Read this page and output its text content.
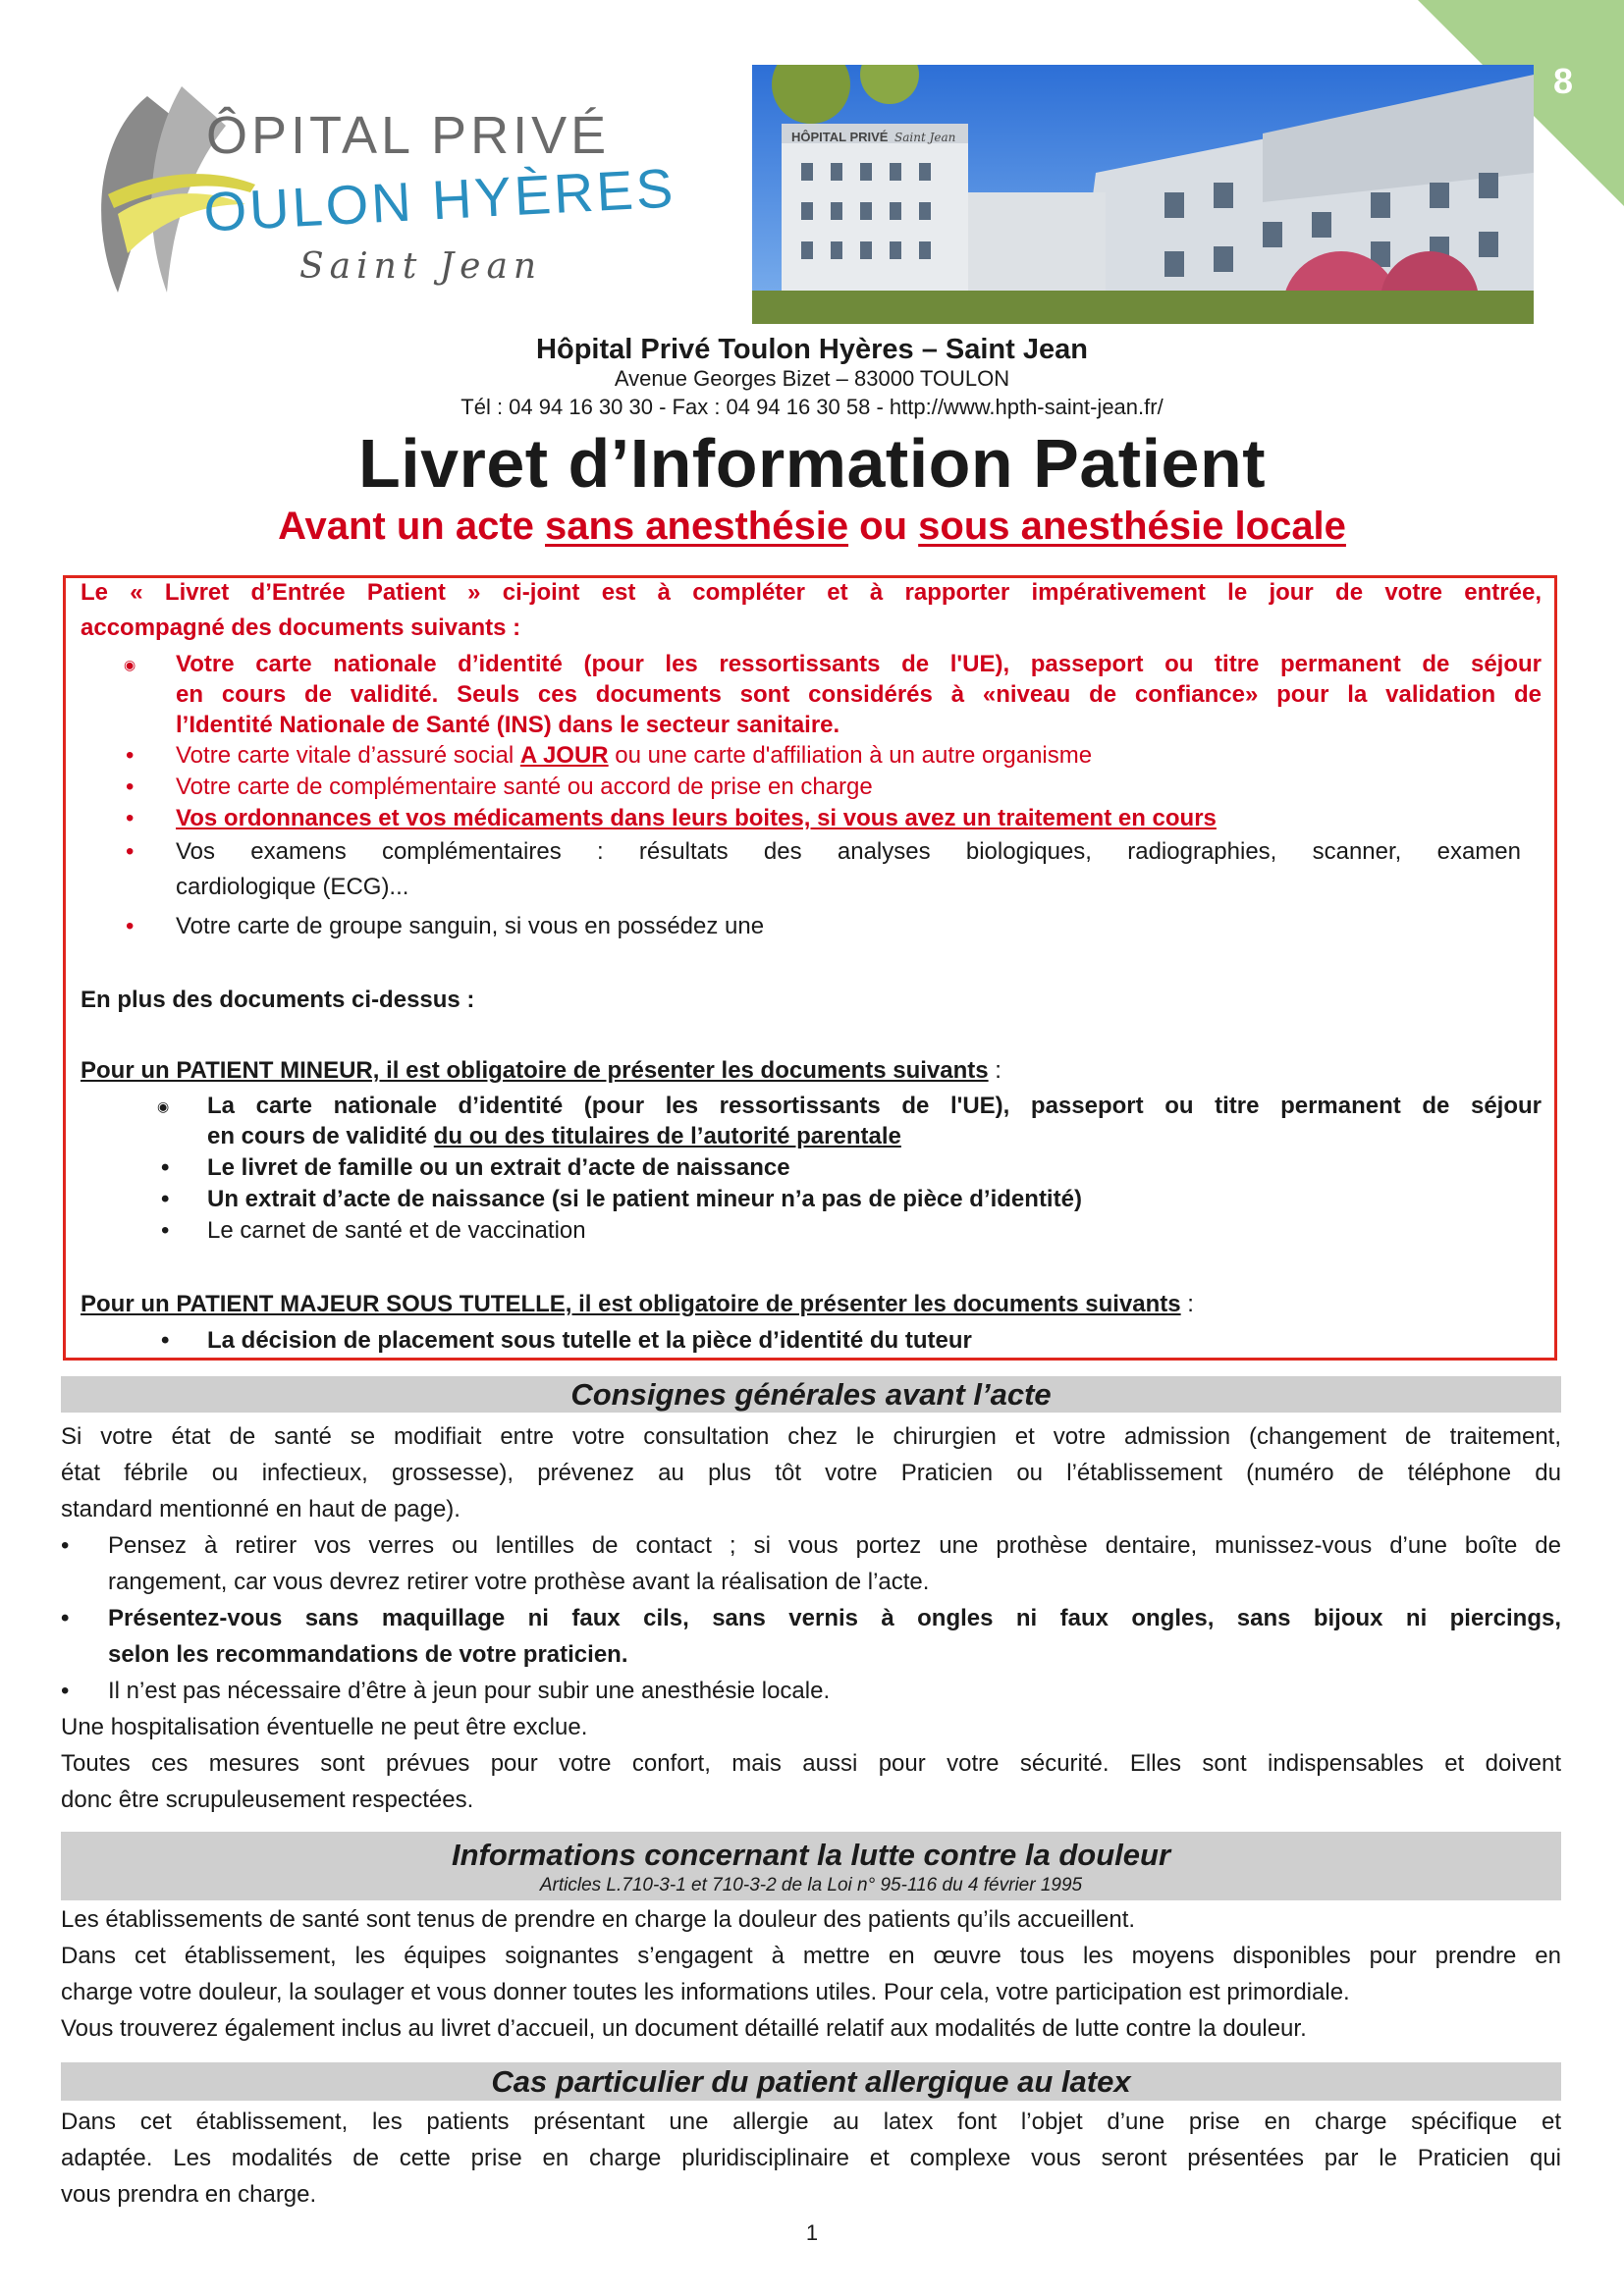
8
ÔPITAL PRIVÉ
OULON HYÈRES
Saint Jean
HÔPITAL PRIVÉ Saint Jean
Hôpital Privé Toulon Hyères – Saint Jean
Avenue Georges Bizet – 83000 TOULON
Tél : 04 94 16 30 30 - Fax : 04 94 16 30 58 - http://www.hpth-saint-jean.fr/
Livret d’Information Patient
Avant un acte sans anesthésie ou sous anesthésie locale
Le « Livret d’Entrée Patient » ci-joint est à compléter et à rapporter impérativement le jour de votre entrée,
accompagné des documents suivants :
◉ Votre carte nationale d’identité (pour les ressortissants de l'UE), passeport ou titre permanent de séjour
en cours de validité. Seuls ces documents sont considérés à «niveau de confiance» pour la validation de
l’Identité Nationale de Santé (INS) dans le secteur sanitaire.
• Votre carte vitale d’assuré social A JOUR ou une carte d'affiliation à un autre organisme
• Votre carte de complémentaire santé ou accord de prise en charge
• Vos ordonnances et vos médicaments dans leurs boites, si vous avez un traitement en cours
• Vos examens complémentaires : résultats des analyses biologiques, radiographies, scanner, examen
cardiologique (ECG)...
• Votre carte de groupe sanguin, si vous en possédez une
En plus des documents ci-dessus :
Pour un PATIENT MINEUR, il est obligatoire de présenter les documents suivants :
◉ La carte nationale d’identité (pour les ressortissants de l'UE), passeport ou titre permanent de séjour
en cours de validité du ou des titulaires de l’autorité parentale
• Le livret de famille ou un extrait d’acte de naissance
• Un extrait d’acte de naissance (si le patient mineur n’a pas de pièce d’identité)
• Le carnet de santé et de vaccination
Pour un PATIENT MAJEUR SOUS TUTELLE, il est obligatoire de présenter les documents suivants :
• La décision de placement sous tutelle et la pièce d’identité du tuteur
Consignes générales avant l’acte
Si votre état de santé se modifiait entre votre consultation chez le chirurgien et votre admission (changement de traitement,
état fébrile ou infectieux, grossesse), prévenez au plus tôt votre Praticien ou l’établissement (numéro de téléphone du
standard mentionné en haut de page).
• Pensez à retirer vos verres ou lentilles de contact ; si vous portez une prothèse dentaire, munissez-vous d’une boîte de
rangement, car vous devrez retirer votre prothèse avant la réalisation de l’acte.
• Présentez-vous sans maquillage ni faux cils, sans vernis à ongles ni faux ongles, sans bijoux ni piercings,
selon les recommandations de votre praticien.
• Il n’est pas nécessaire d’être à jeun pour subir une anesthésie locale.
Une hospitalisation éventuelle ne peut être exclue.
Toutes ces mesures sont prévues pour votre confort, mais aussi pour votre sécurité. Elles sont indispensables et doivent
donc être scrupuleusement respectées.
Informations concernant la lutte contre la douleur
Articles L.710-3-1 et 710-3-2 de la Loi n° 95-116 du 4 février 1995
Les établissements de santé sont tenus de prendre en charge la douleur des patients qu’ils accueillent.
Dans cet établissement, les équipes soignantes s’engagent à mettre en œuvre tous les moyens disponibles pour prendre en
charge votre douleur, la soulager et vous donner toutes les informations utiles. Pour cela, votre participation est primordiale.
Vous trouverez également inclus au livret d’accueil, un document détaillé relatif aux modalités de lutte contre la douleur.
Cas particulier du patient allergique au latex
Dans cet établissement, les patients présentant une allergie au latex font l’objet d’une prise en charge spécifique et
adaptée. Les modalités de cette prise en charge pluridisciplinaire et complexe vous seront présentées par le Praticien qui
vous prendra en charge.
1
